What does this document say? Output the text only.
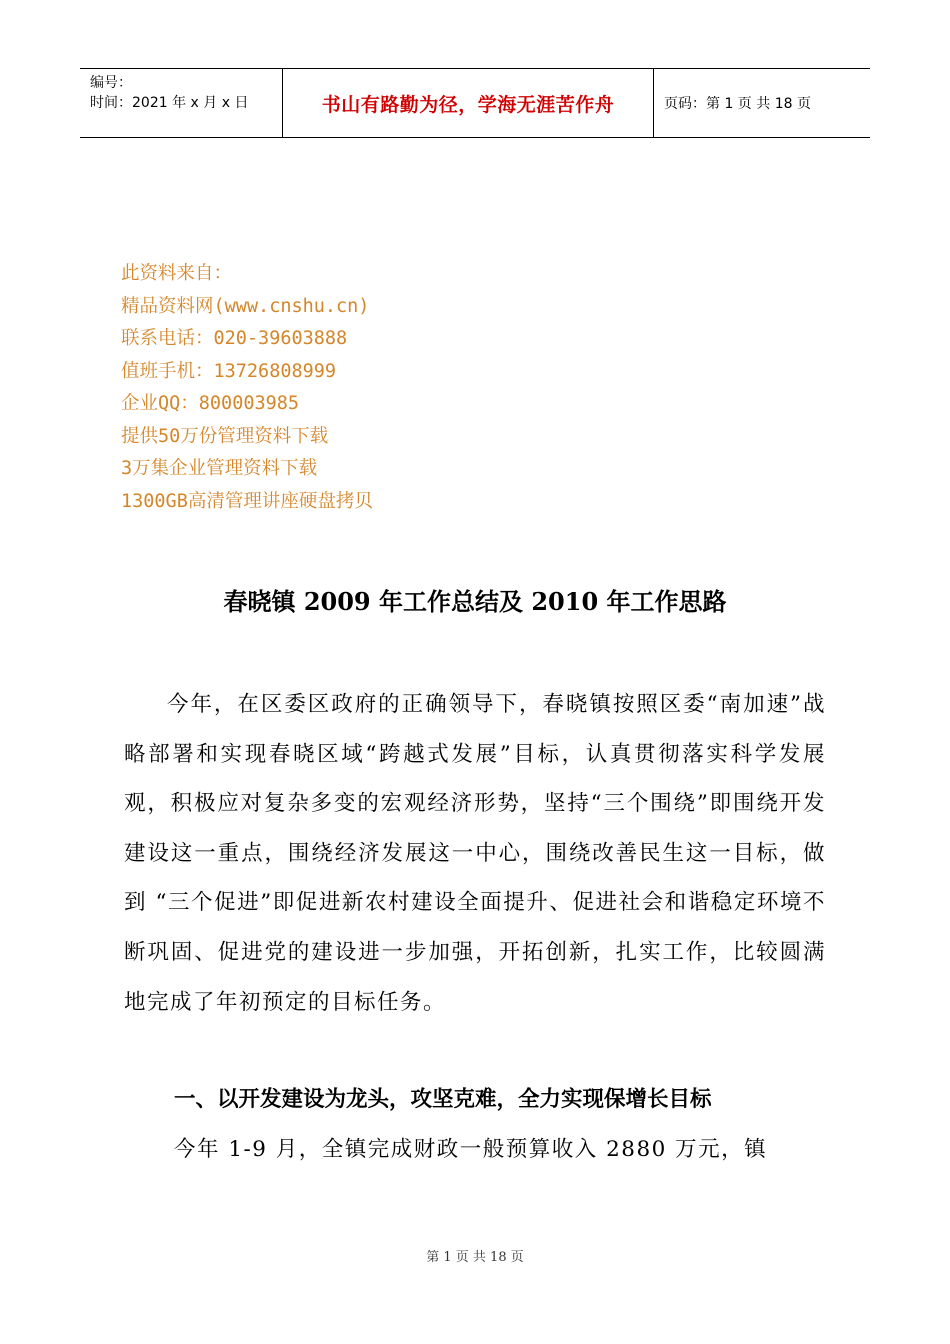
编号：
时间：2021 年 x 月 x 日	书山有路勤为径，学海无涯苦作舟	页码：第 1 页 共 18 页
此资料来自：
精品资料网(www.cnshu.cn)
联系电话：020-39603888
值班手机：13726808999
企业QQ：800003985
提供50万份管理资料下载
3万集企业管理资料下载
1300GB高清管理讲座硬盘拷贝
春晓镇 2009 年工作总结及 2010 年工作思路
今年，在区委区政府的正确领导下，春晓镇按照区委“南加速”战略部署和实现春晓区域“跨越式发展”目标，认真贯彻落实科学发展观，积极应对复杂多变的宏观经济形势，坚持“三个围绕”即围绕开发建设这一重点，围绕经济发展这一中心，围绕改善民生这一目标，做到 “三个促进”即促进新农村建设全面提升、促进社会和谐稳定环境不断巩固、促进党的建设进一步加强，开拓创新，扎实工作，比较圆满地完成了年初预定的目标任务。
一、以开发建设为龙头，攻坚克难，全力实现保增长目标
今年 1-9 月，全镇完成财政一般预算收入 2880 万元，镇
第 1 页 共 18 页
